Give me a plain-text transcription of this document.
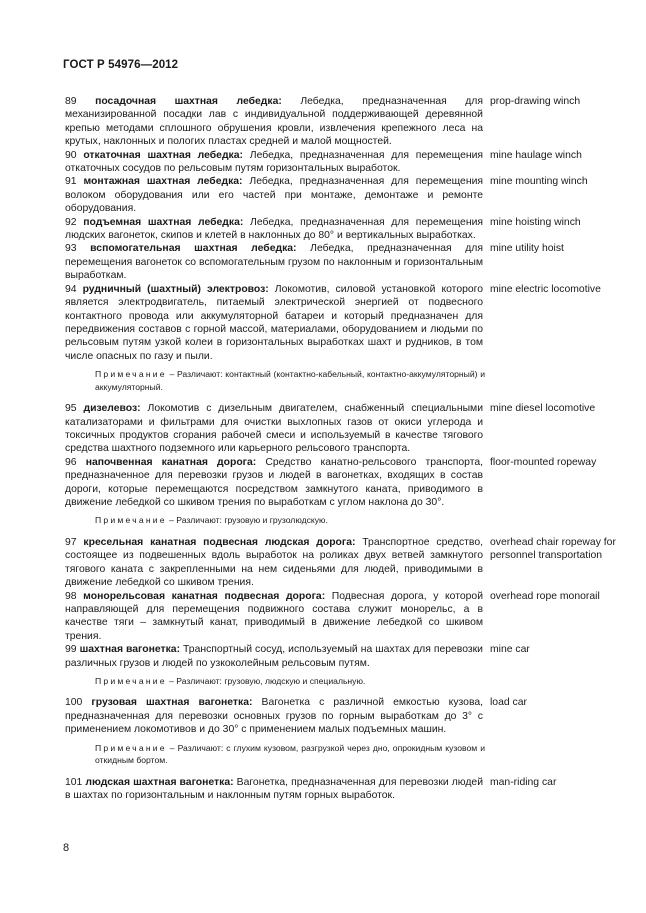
ГОСТ Р 54976—2012
89 посадочная шахтная лебедка: Лебедка, предназначенная для механизированной посадки лав с индивидуальной поддерживающей деревянной крепью методами сплошного обрушения кровли, извлечения крепежного леса на крутых, наклонных и пологих пластах средней и малой мощностей.
prop-drawing winch
90 откаточная шахтная лебедка: Лебедка, предназначенная для перемещения откаточных сосудов по рельсовым путям горизонтальных выработок.
mine haulage winch
91 монтажная шахтная лебедка: Лебедка, предназначенная для перемещения волоком оборудования или его частей при монтаже, демонтаже и ремонте оборудования.
mine mounting winch
92 подъемная шахтная лебедка: Лебедка, предназначенная для перемещения людских вагонеток, скипов и клетей в наклонных до 80° и вертикальных выработках.
mine hoisting winch
93 вспомогательная шахтная лебедка: Лебедка, предназначенная для перемещения вагонеток со вспомогательным грузом по наклонным и горизонтальным выработкам.
mine utility hoist
94 рудничный (шахтный) электровоз: Локомотив, силовой установкой которого является электродвигатель, питаемый электрической энергией от подвесного контактного провода или аккумуляторной батареи и который предназначен для передвижения составов с горной массой, материалами, оборудованием и людьми по рельсовым путям узкой колеи в горизонтальных выработках шахт и рудников, в том числе опасных по газу и пыли.
mine electric locomotive
Примечание – Различают: контактный (контактно-кабельный, контактно-аккумуляторный) и аккумуляторный.
95 дизелевоз: Локомотив с дизельным двигателем, снабженный специальными катализаторами и фильтрами для очистки выхлопных газов от окиси углерода и токсичных продуктов сгорания рабочей смеси и используемый в качестве тягового средства шахтного подземного или карьерного рельсового транспорта.
mine diesel locomotive
96 напочвенная канатная дорога: Средство канатно-рельсового транспорта, предназначенное для перевозки грузов и людей в вагонетках, входящих в состав дороги, которые перемещаются посредством замкнутого каната, приводимого в движение лебедкой со шкивом трения по выработкам с углом наклона до 30°.
floor-mounted ropeway
Примечание – Различают: грузовую и грузолюдскую.
97 кресельная канатная подвесная людская дорога: Транспортное средство, состоящее из подвешенных вдоль выработок на роликах двух ветвей замкнутого тягового каната с закрепленными на нем сиденьями для людей, приводимыми в движение лебедкой со шкивом трения.
overhead chair ropeway for personnel transportation
98 монорельсовая канатная подвесная дорога: Подвесная дорога, у которой направляющей для перемещения подвижного состава служит монорельс, а в качестве тяги – замкнутый канат, приводимый в движение лебедкой со шкивом трения.
overhead rope monorail
99 шахтная вагонетка: Транспортный сосуд, используемый на шахтах для перевозки различных грузов и людей по узкоколейным рельсовым путям.
mine car
Примечание – Различают: грузовую, людскую и специальную.
100 грузовая шахтная вагонетка: Вагонетка с различной емкостью кузова, предназначенная для перевозки основных грузов по горным выработкам до 3° с применением локомотивов и до 30° с применением малых подъемных машин.
load car
Примечание – Различают: с глухим кузовом, разгрузкой через дно, опрокидным кузовом и откидным бортом.
101 людская шахтная вагонетка: Вагонетка, предназначенная для перевозки людей в шахтах по горизонтальным и наклонным путям горных выработок.
man-riding car
8
